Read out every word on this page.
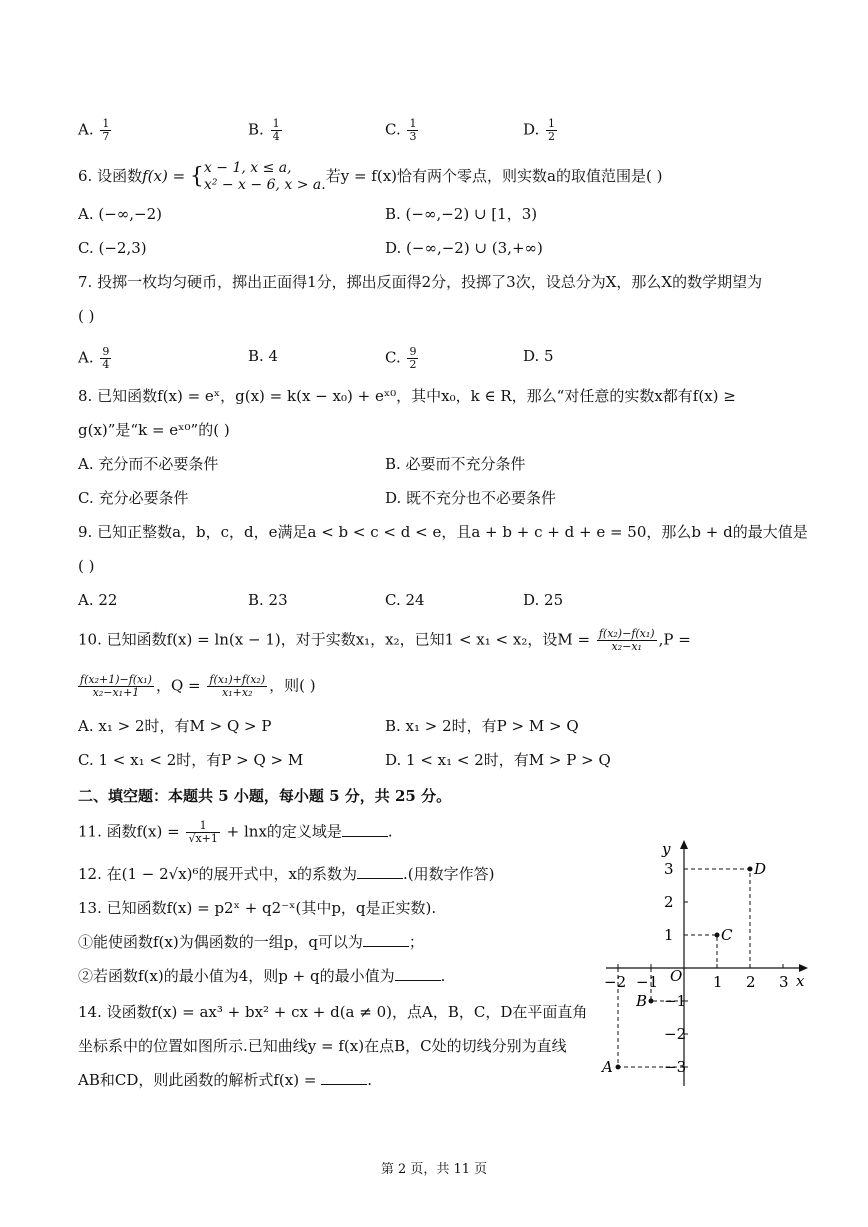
A. $\frac{1}{7}$	B. $\frac{1}{4}$	C. $\frac{1}{3}$	D. $\frac{1}{2}$
6. 设函数f(x) = { x − 1, x ≤ a,
x² − x − 6, x > a. 若y = f(x)恰有两个零点，则实数a的取值范围是( )
A. (−∞,−2)	B. (−∞,−2) ∪ [1，3)
C. (−2,3)	D. (−∞,−2) ∪ (3,+∞)
7. 投掷一枚均匀硬币，掷出正面得1分，掷出反面得2分，投掷了3次，设总分为X，那么X的数学期望为
( )
A. $\frac{9}{4}$	B. 4	C. $\frac{9}{2}$	D. 5
8. 已知函数f(x) = eˣ，g(x) = k(x − x₀) + eˣ⁰，其中x₀，k ∈ R，那么“对任意的实数x都有f(x) ≥
g(x)”是“k = eˣ⁰”的( )
A. 充分而不必要条件	B. 必要而不充分条件
C. 充分必要条件	D. 既不充分也不必要条件
9. 已知正整数a，b，c，d，e满足a < b < c < d < e，且a + b + c + d + e = 50，那么b + d的最大值是
( )
A. 22	B. 23	C. 24	D. 25
10. 已知函数f(x) = ln(x − 1)，对于实数x₁，x₂，已知1 < x₁ < x₂，设$M = \frac{\text{f(x₂)−f(x₁)}}{\text{x₂−x₁}} ,P$ =
$\frac{\text{f(x₂+1)−f(x₁)}}{\text{x₂−x₁+1}}$ ，$Q = \frac{\text{f(x₁)+f(x₂)}}{\text{x₁+x₂}}$ ，则( )
A. x₁ > 2时，有M > Q > P	B. x₁ > 2时，有P > M > Q
C. 1 < x₁ < 2时，有P > Q > M	D. 1 < x₁ < 2时，有M > P > Q
二、填空题：本题共 5 小题，每小题 5 分，共 25 分。
11. 函数$f(x) = \frac{1}{√x+1} + \ln x$的定义域是	.
12. 在(1 − 2√x)⁶的展开式中，x的系数为	.(用数字作答)
13. 已知函数f(x) = p2ˣ + q2⁻ˣ(其中p，q是正实数).
①能使函数f(x)为偶函数的一组p，q可以为	；
②若函数f(x)的最小值为4，则p + q的最小值为	.
14. 设函数f(x) = ax³ + bx² + cx + d(a ≠ 0)，点A，B，C，D在平面直角
坐标系中的位置如图所示.已知曲线y = f(x)在点B，C处的切线分别为直线
AB和CD，则此函数的解析式f(x) =	.
y
x
O
−2 −1	1 2 3
3
2
1
−1
−2
−3
D
C
B
A
第 2 页，共 11 页
